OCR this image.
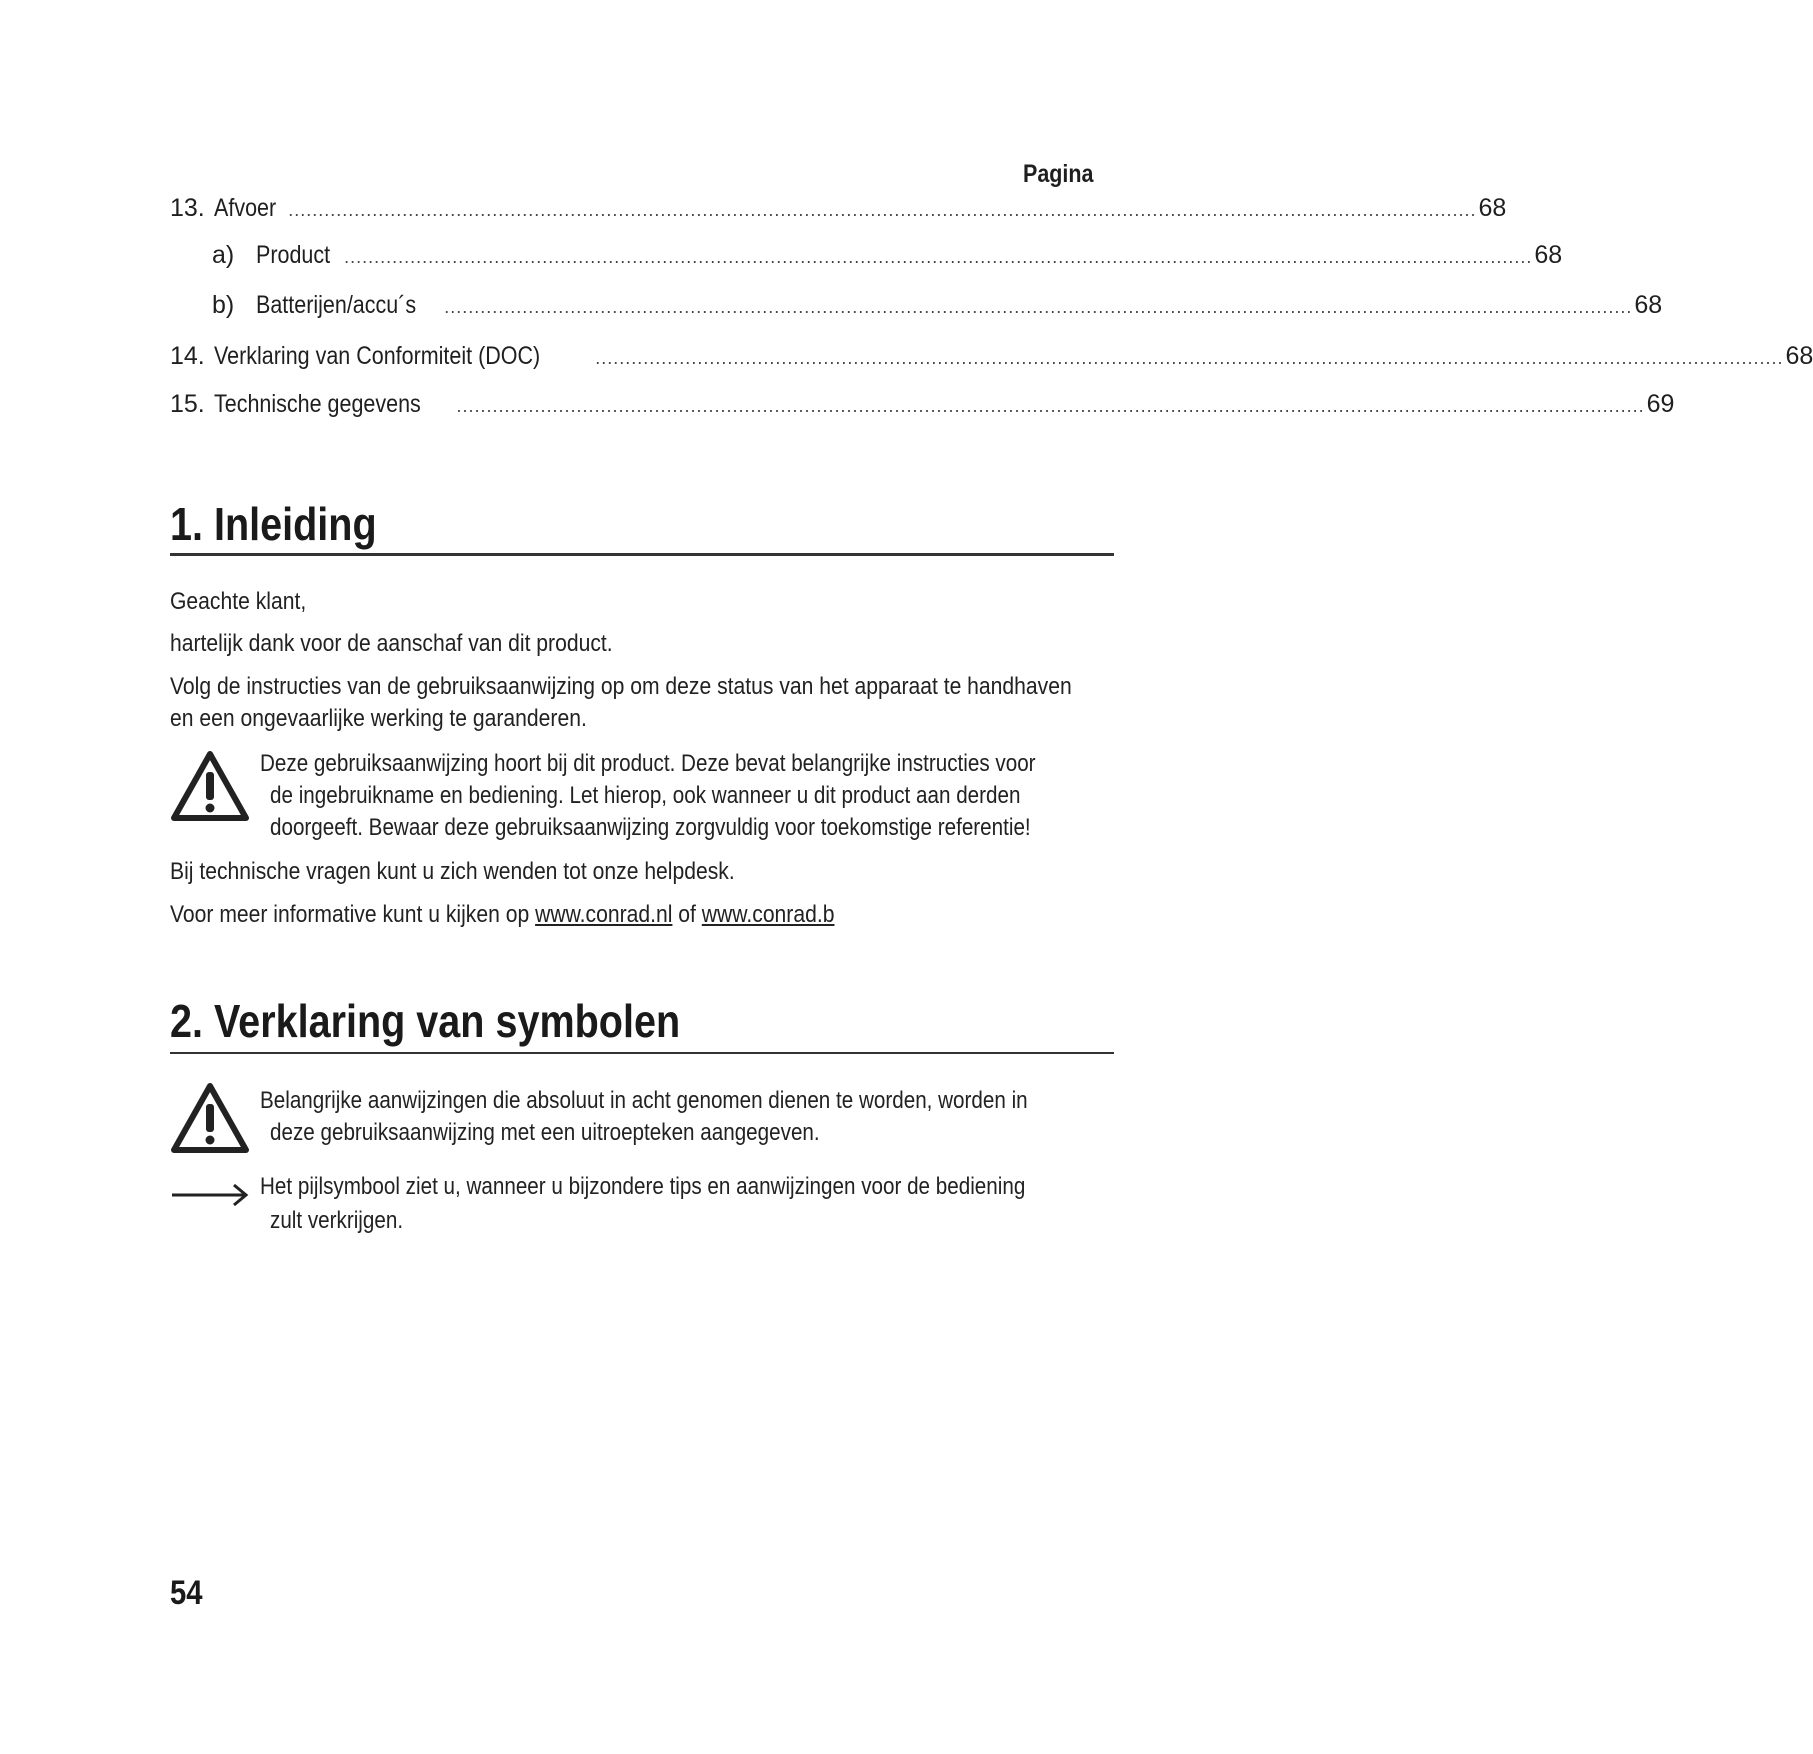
Pagina
13. Afvoer ...................................................................................................................................................................................................... 68
a) Product ...................................................................................................................................................................................................... 68
b) Batterijen/accu´s	...................................................................................................................................................................................................... 68
14. Verklaring van Conformiteit (DOC)	...................................................................................................................................................................................................... 68
15. Technische gegevens	...................................................................................................................................................................................................... 69
1. Inleiding
Geachte klant,
hartelijk dank voor de aanschaf van dit product.
Volg de instructies van de gebruiksaanwijzing op om deze status van het apparaat te handhaven
en een ongevaarlijke werking te garanderen.
Deze gebruiksaanwijzing hoort bij dit product. Deze bevat belangrijke instructies voor
de ingebruikname en bediening. Let hierop, ook wanneer u dit product aan derden
doorgeeft. Bewaar deze gebruiksaanwijzing zorgvuldig voor toekomstige referentie!
Bij technische vragen kunt u zich wenden tot onze helpdesk.
Voor meer informative kunt u kijken op www.conrad.nl of www.conrad.b
2. Verklaring van symbolen
Belangrijke aanwijzingen die absoluut in acht genomen dienen te worden, worden in
deze gebruiksaanwijzing met een uitroepteken aangegeven.
Het pijlsymbool ziet u, wanneer u bijzondere tips en aanwijzingen voor de bediening
zult verkrijgen.
54
